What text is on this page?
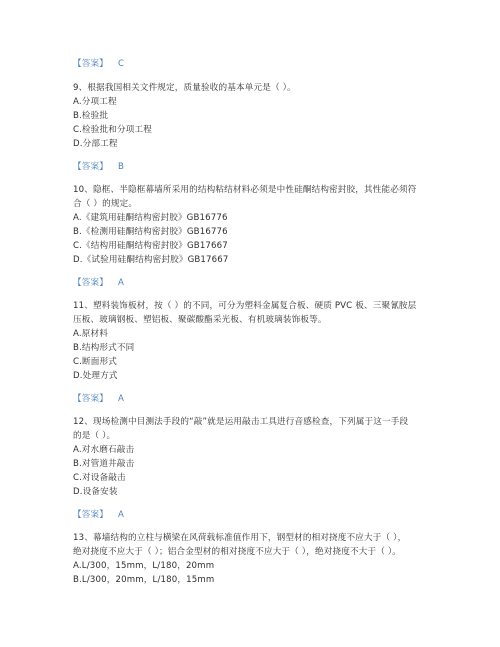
【答案】 C
9、根据我国相关文件规定，质量验收的基本单元是（ ）。
A.分项工程
B.检验批
C.检验批和分项工程
D.分部工程
【答案】 B
10、隐框、半隐框幕墙所采用的结构粘结材料必须是中性硅酮结构密封胶，其性能必须符
合（ ）的规定。
A.《建筑用硅酮结构密封胶》GB16776
B.《检测用硅酮结构密封胶》GB16776
C.《结构用硅酮结构密封胶》GB17667
D.《试验用硅酮结构密封胶》GB17667
【答案】 A
11、塑料装饰板材，按（ ）的不同，可分为塑料金属复合板、硬质 PVC 板、三聚氰胺层
压板、玻璃钢板、塑铝板、聚碳酸酯采光板、有机玻璃装饰板等。
A.原材料
B.结构形式不同
C.断面形式
D.处理方式
【答案】 A
12、现场检测中目测法手段的“敲”就是运用敲击工具进行音感检查，下列属于这一手段
的是（ ）。
A.对水磨石敲击
B.对管道井敲击
C.对设备敲击
D.设备安装
【答案】 A
13、幕墙结构的立柱与横梁在风荷载标准值作用下，钢型材的相对挠度不应大于（ ），
绝对挠度不应大于（ ）；铝合金型材的相对挠度不应大于（ ），绝对挠度不大于（ ）。
A.L/300，15mm，L/180，20mm
B.L/300，20mm，L/180，15mm
